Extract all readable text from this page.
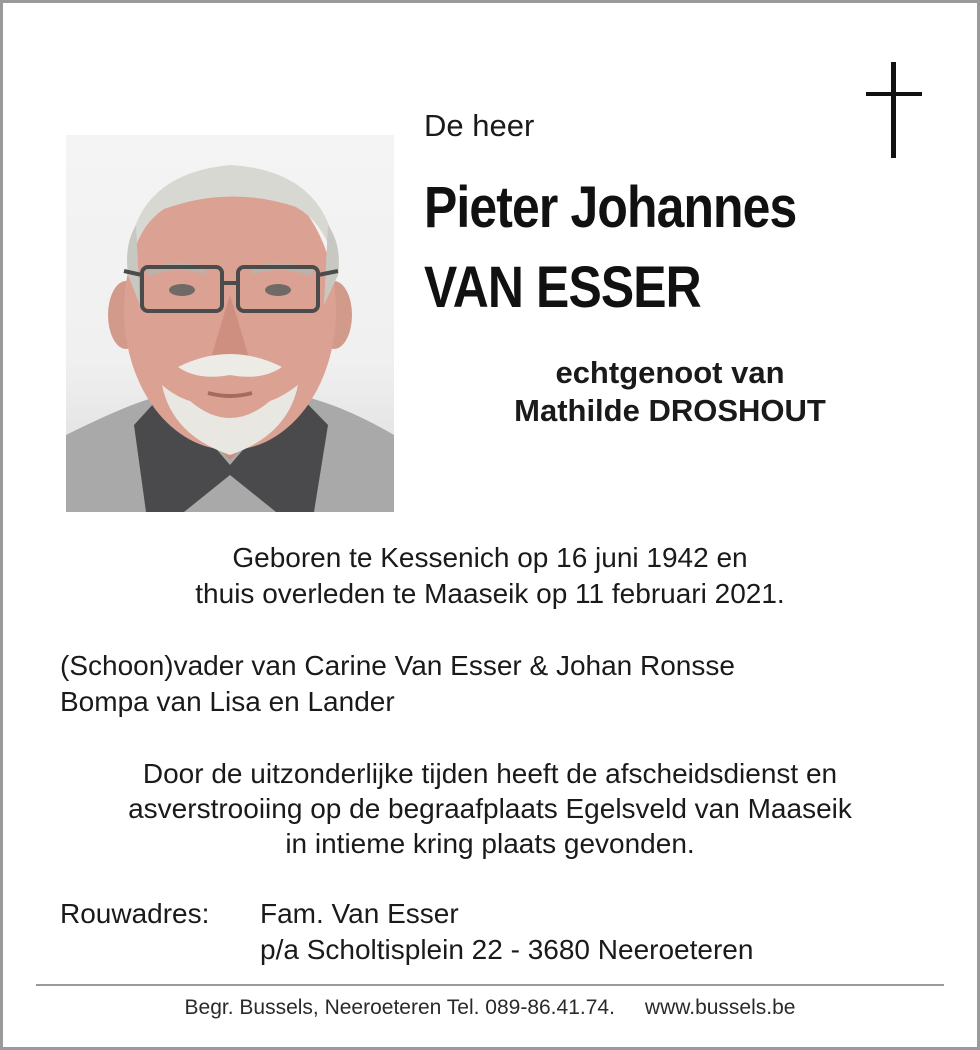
De heer
Pieter Johannes
VAN ESSER
echtgenoot van
Mathilde DROSHOUT
Geboren te Kessenich op 16 juni 1942 en
thuis overleden te Maaseik op 11 februari 2021.
(Schoon)vader van Carine Van Esser & Johan Ronsse
Bompa van Lisa en Lander
Door de uitzonderlijke tijden heeft de afscheidsdienst en
asverstrooiing op de begraafplaats Egelsveld van Maaseik
in intieme kring plaats gevonden.
Rouwadres: Fam. Van Esser
p/a Scholtisplein 22 - 3680 Neeroeteren
Begr. Bussels, Neeroeteren Tel. 089-86.41.74. www.bussels.be
